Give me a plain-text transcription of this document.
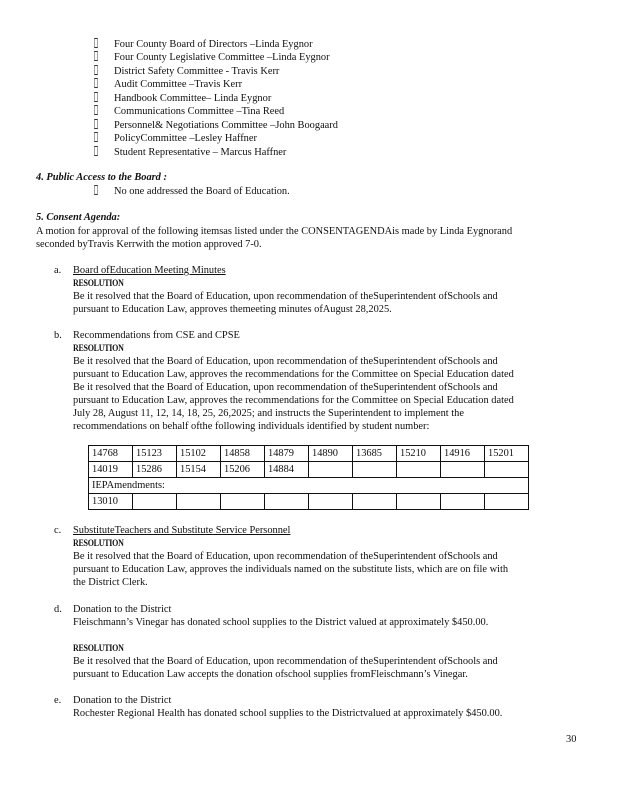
Four County Board of Directors –Linda Eygnor
Four County Legislative Committee –Linda Eygnor
District Safety Committee - Travis Kerr
Audit Committee –Travis Kerr
Handbook Committee– Linda Eygnor
Communications Committee –Tina Reed
Personnel& Negotiations Committee –John Boogaard
PolicyCommittee –Lesley Haffner
Student Representative – Marcus Haffner
4. Public Access to the Board :
No one addressed the Board of Education.
5. Consent Agenda:
A motion for approval of the following itemsas listed under the CONSENTAGENDAis made by Linda Eygnorand
seconded byTravis Kerrwith the motion approved 7-0.
a. Board ofEducation Meeting Minutes
RESOLUTION
Be it resolved that the Board of Education, upon recommendation of theSuperintendent ofSchools and
pursuant to Education Law, approves themeeting minutes ofAugust 28,2025.
b. Recommendations from CSE and CPSE
RESOLUTION
Be it resolved that the Board of Education, upon recommendation of theSuperintendent ofSchools and
pursuant to Education Law, approves the recommendations for the Committee on Special Education dated
Be it resolved that the Board of Education, upon recommendation of theSuperintendent ofSchools and
pursuant to Education Law, approves the recommendations for the Committee on Special Education dated
July 28, August 11, 12, 14, 18, 25, 26,2025; and instructs the Superintendent to implement the
recommendations on behalf ofthe following individuals identified by student number:
14768	15123	15102	14858	14879	14890	13685	15210	14916	15201
14019	15286	15154	15206	14884					
IEPAmendments:									
13010									
c. SubstituteTeachers and Substitute Service Personnel
RESOLUTION
Be it resolved that the Board of Education, upon recommendation of theSuperintendent ofSchools and
pursuant to Education Law, approves the individuals named on the substitute lists, which are on file with
the District Clerk.
d. Donation to the District
Fleischmann’s Vinegar has donated school supplies to the District valued at approximately $450.00.
RESOLUTION
Be it resolved that the Board of Education, upon recommendation of theSuperintendent ofSchools and
pursuant to Education Law accepts the donation ofschool supplies fromFleischmann’s Vinegar.
e. Donation to the District
Rochester Regional Health has donated school supplies to the Districtvalued at approximately $450.00.
30
